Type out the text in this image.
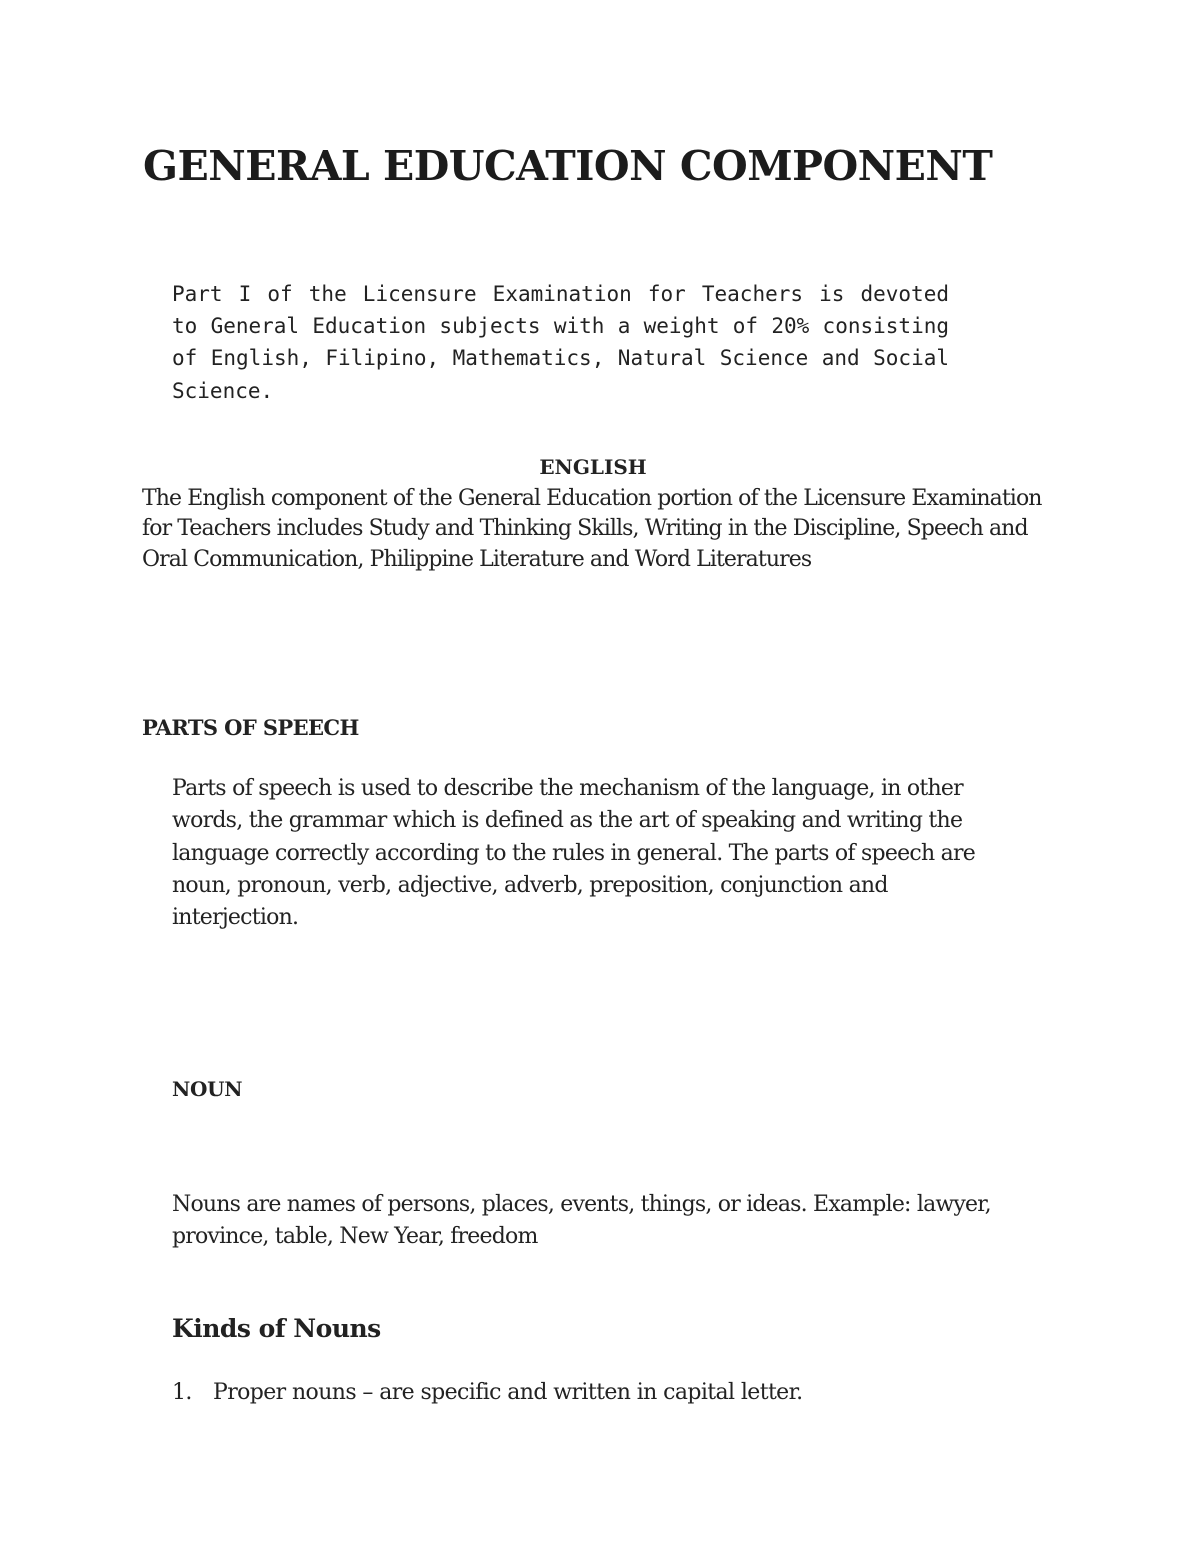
GENERAL EDUCATION COMPONENT

Part I of the Licensure Examination for Teachers is devoted to General Education subjects with a weight of 20% consisting of English, Filipino, Mathematics, Natural Science and Social Science.

ENGLISH

The English component of the General Education portion of the Licensure Examination for Teachers includes Study and Thinking Skills, Writing in the Discipline, Speech and Oral Communication, Philippine Literature and Word Literatures

PARTS OF SPEECH

Parts of speech is used to describe the mechanism of the language, in other words, the grammar which is defined as the art of speaking and writing the language correctly according to the rules in general. The parts of speech are noun, pronoun, verb, adjective, adverb, preposition, conjunction and interjection.

NOUN

Nouns are names of persons, places, events, things, or ideas. Example: lawyer, province, table, New Year, freedom

Kinds of Nouns
1. Proper nouns – are specific and written in capital letter.
